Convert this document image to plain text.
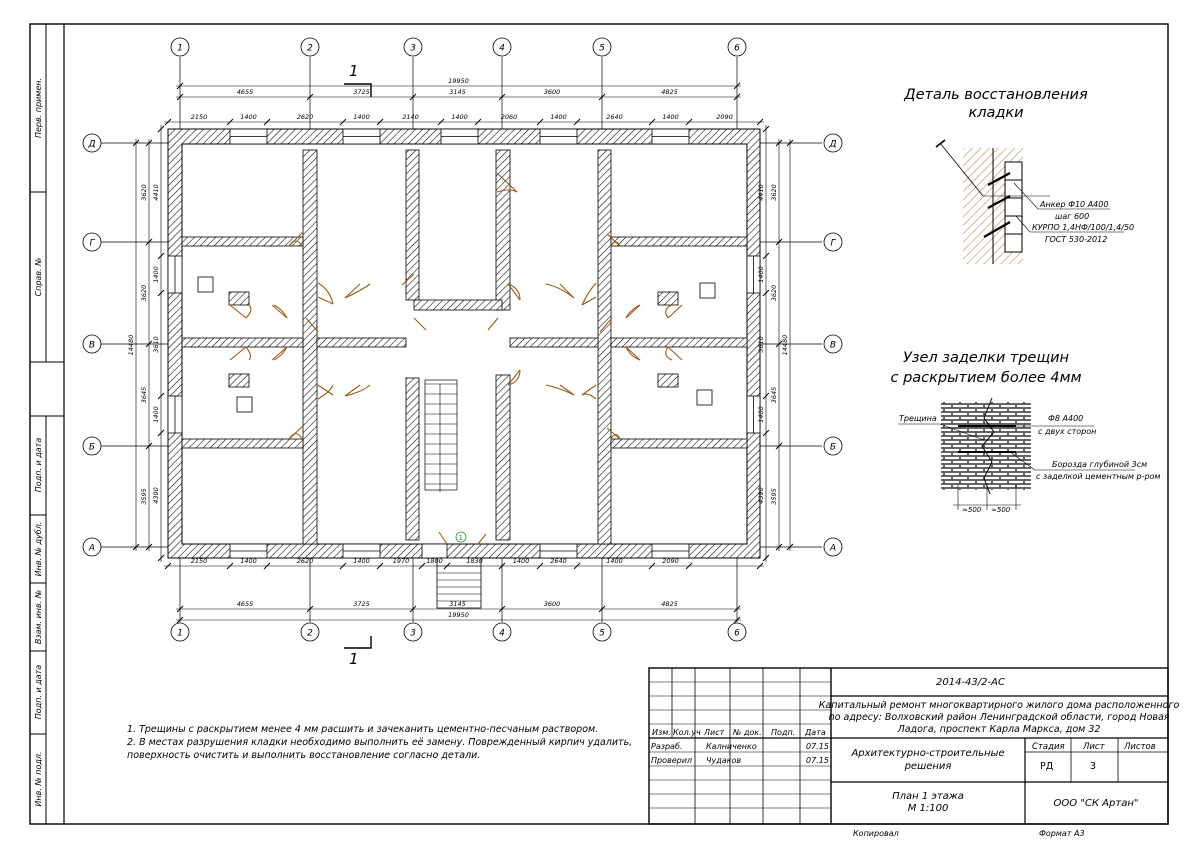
Перв. примен.
Справ. №
Подп. и дата
Инв. № дубл.
Взам. инв. №
Подп. и дата
Инв. № подл.
1
1
2
2
3
3
4
4
5
5
6
6
Д	Д
Г	Г
В	В
Б	Б
А	А
19950
4655	3725	3145	3600	4825
2150	1400	2620	1400	2140	1400	2060	1400	2640	1400	2090
2150	1400	2620	1400	1970	1800	1830	1400	2640	1400	2090
4655	3725	3145	3600	4825
19950
14480
3620
3620
3645
3595
4410
1400
3610
1400
4390
14480
3620
3620
3645
3595
4410
1400
3610
1400
4390
1
1
1
Деталь восстановления
кладки
Анкер Ф10 А400
шаг 600
КУРПО 1,4НФ/100/1,4/50
ГОСТ 530-2012
Узел заделки трещин
с раскрытием более 4мм
Трещина	Ф8 А400
с двух сторон
Борозда глубиной 3см
с заделкой цементным р-ром
≈500 ≈500
1. Трещины с раскрытием менее 4 мм расшить и зачеканить цементно-песчаным раствором.
2. В местах разрушения кладки необходимо выполнить её замену. Поврежденный кирпич удалить,
поверхность очистить и выполнить восстановление согласно детали.
2014-43/2-АС
Капитальный ремонт многоквартирного жилого дома расположенного
по адресу: Волховский район Ленинградской области, город Новая
Ладога, проспект Карла Маркса, дом 32
Изм. Кол.уч Лист № док. Подп. Дата
Разраб.	Калниченко	07.15
Проверил Чудаков	07.15
Архитектурно-строительные
решения
Стадия Лист Листов
РД	3
План 1 этажа
М 1:100	ООО "СК Артан"
Копировал	Формат А3
